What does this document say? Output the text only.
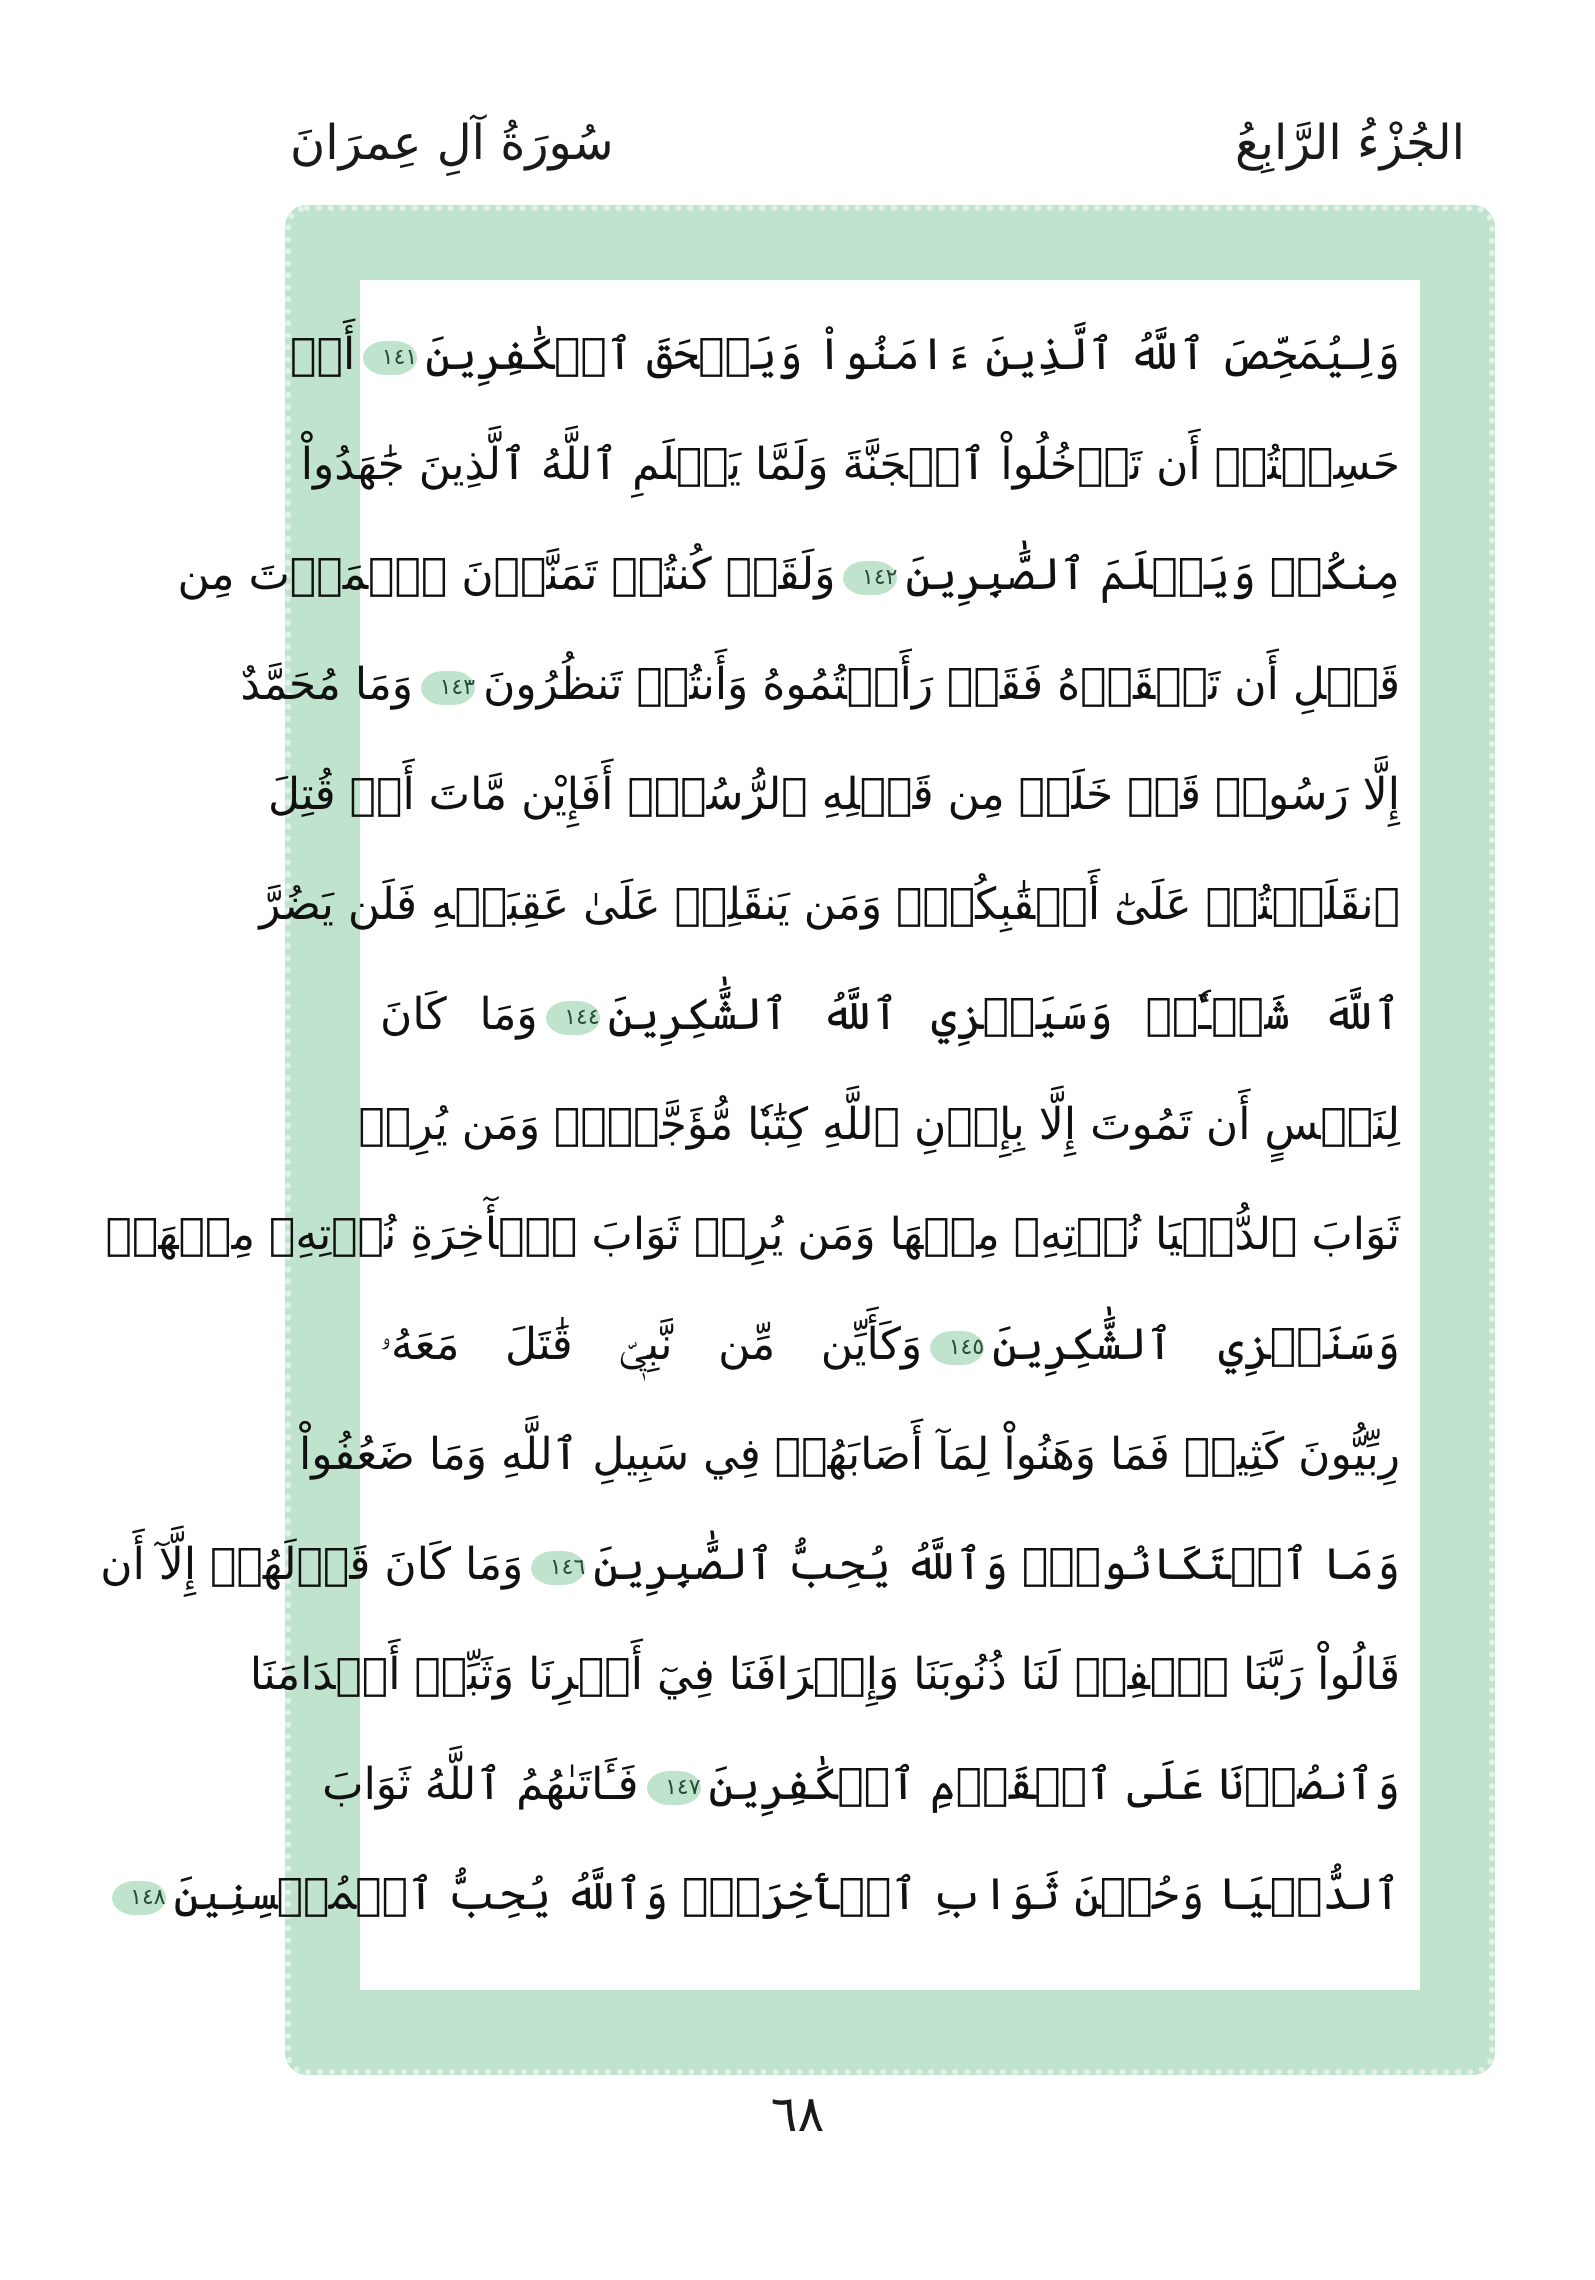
الجُزْءُ الرَّابِعُ
سُورَةُ آلِ عِمرَانَ
وَلِيُمَحِّصَ ٱللَّهُ ٱلَّذِينَ ءَامَنُواْ وَيَمۡحَقَ ٱلۡكَٰفِرِينَ١٤١أَمۡ
حَسِبۡتُمۡ أَن تَدۡخُلُواْ ٱلۡجَنَّةَ وَلَمَّا يَعۡلَمِ ٱللَّهُ ٱلَّذِينَ جَٰهَدُواْ
مِنكُمۡ وَيَعۡلَمَ ٱلصَّٰبِرِينَ١٤٢وَلَقَدۡ كُنتُمۡ تَمَنَّوۡنَ ٱلۡمَوۡتَ مِن
قَبۡلِ أَن تَلۡقَوۡهُ فَقَدۡ رَأَيۡتُمُوهُ وَأَنتُمۡ تَنظُرُونَ١٤٣وَمَا مُحَمَّدٌ
إِلَّا رَسُولٞ قَدۡ خَلَتۡ مِن قَبۡلِهِ ٱلرُّسُلُۚ أَفَإِيْن مَّاتَ أَوۡ قُتِلَ
ٱنقَلَبۡتُمۡ عَلَىٰٓ أَعۡقَٰبِكُمۡۚ وَمَن يَنقَلِبۡ عَلَىٰ عَقِبَيۡهِ فَلَن يَضُرَّ
ٱللَّهَ شَيۡـٔٗاۗ وَسَيَجۡزِي ٱللَّهُ ٱلشَّٰكِرِينَ١٤٤وَمَا كَانَ
لِنَفۡسٍ أَن تَمُوتَ إِلَّا بِإِذۡنِ ٱللَّهِ كِتَٰبٗا مُّؤَجَّلٗاۗ وَمَن يُرِدۡ
ثَوَابَ ٱلدُّنۡيَا نُؤۡتِهِۦ مِنۡهَا وَمَن يُرِدۡ ثَوَابَ ٱلۡأٓخِرَةِ نُؤۡتِهِۦ مِنۡهَاۚ
وَسَنَجۡزِي ٱلشَّٰكِرِينَ١٤٥وَكَأَيِّن مِّن نَّبِيّٖ قَٰتَلَ مَعَهُۥ
رِبِّيُّونَ كَثِيرٞ فَمَا وَهَنُواْ لِمَآ أَصَابَهُمۡ فِي سَبِيلِ ٱللَّهِ وَمَا ضَعُفُواْ
وَمَا ٱسۡتَكَانُواْۗ وَٱللَّهُ يُحِبُّ ٱلصَّٰبِرِينَ١٤٦وَمَا كَانَ قَوۡلَهُمۡ إِلَّآ أَن
قَالُواْ رَبَّنَا ٱغۡفِرۡ لَنَا ذُنُوبَنَا وَإِسۡرَافَنَا فِيٓ أَمۡرِنَا وَثَبِّتۡ أَقۡدَامَنَا
وَٱنصُرۡنَا عَلَى ٱلۡقَوۡمِ ٱلۡكَٰفِرِينَ١٤٧فَـَٔاتَىٰهُمُ ٱللَّهُ ثَوَابَ
ٱلدُّنۡيَا وَحُسۡنَ ثَوَابِ ٱلۡأٓخِرَةِۗ وَٱللَّهُ يُحِبُّ ٱلۡمُحۡسِنِينَ١٤٨
٦٨
